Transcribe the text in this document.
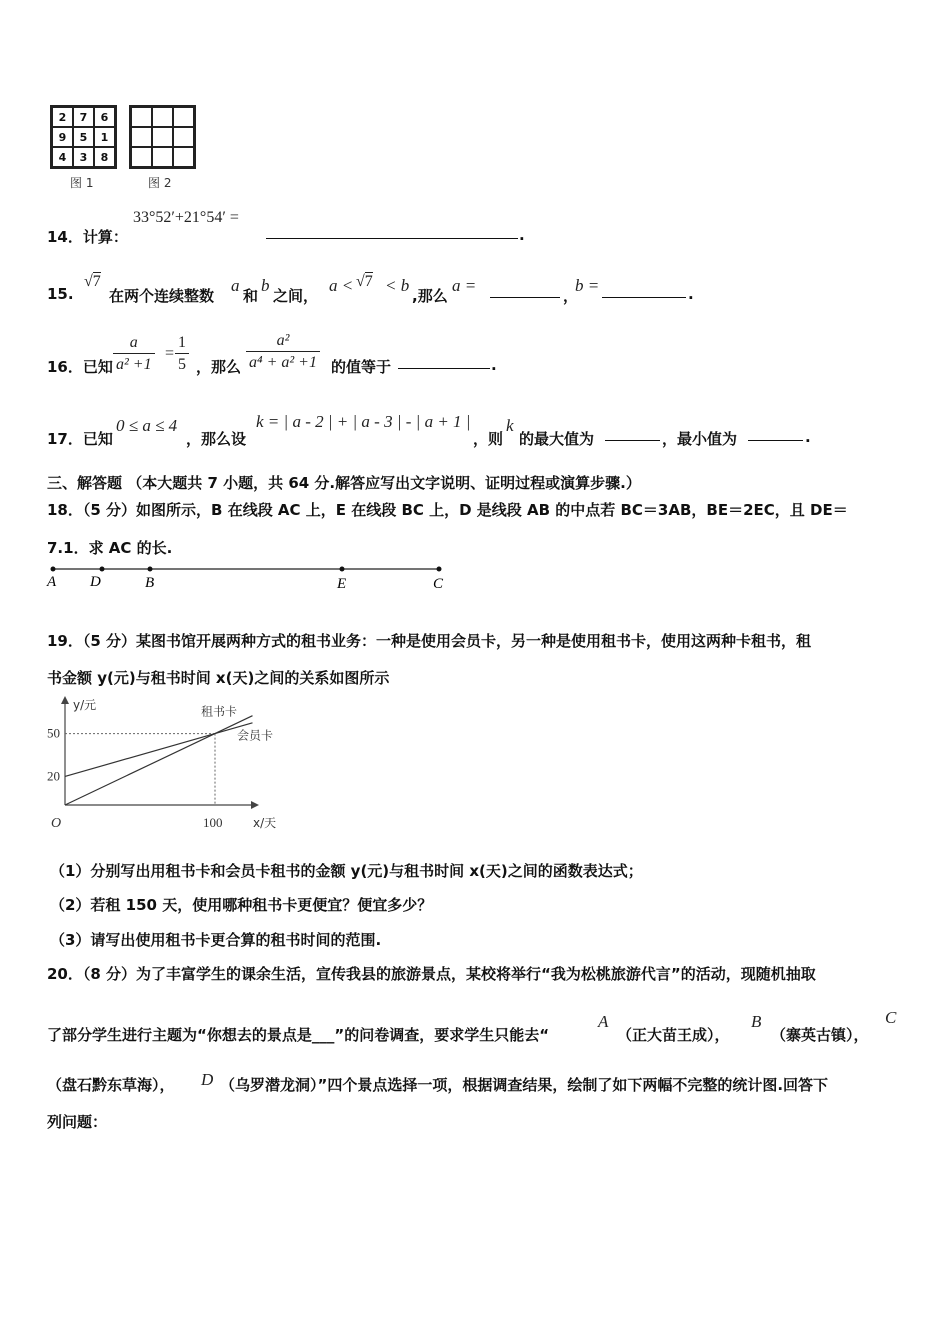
2	7	6
9	5	1
4	3	8
图 1	图 2
14．计算：
33°52′+21°54′ =
.
15.
√7
在两个连续整数
a
和
b
之间，
a < √7 < b
,那么
a =
，
b =	.
16．已知 $\frac{a}{\text{a² +1}} = \frac{1}{5}$ ，那么 $\frac{\text{a²}}{\text{a⁴ + a² +1}}$ 的值等于	.
17．已知
0 ≤ a ≤ 4
，那么设
k = | a - 2 | + | a - 3 | - | a + 1 |
，则
k
的最大值为	，最小值为	.
三、解答题 （本大题共 7 小题，共 64 分.解答应写出文字说明、证明过程或演算步骤.）
18．（5 分）如图所示，B 在线段 AC 上，E 在线段 BC 上，D 是线段 AB 的中点若 BC＝3AB，BE＝2EC，且 DE＝
7.1．求 AC 的长.
A D	B	E	C
19．（5 分）某图书馆开展两种方式的租书业务：一种是使用会员卡，另一种是使用租书卡，使用这两种卡租书，租
书金额 y(元)与租书时间 x(天)之间的关系如图所示
y/元
x/天
O	100
20
50
租书卡
会员卡
（1）分别写出用租书卡和会员卡租书的金额 y(元)与租书时间 x(天)之间的函数表达式；
（2）若租 150 天，使用哪种租书卡更便宜？便宜多少？
（3）请写出使用租书卡更合算的租书时间的范围.
20．（8 分）为了丰富学生的课余生活，宣传我县的旅游景点，某校将举行“我为松桃旅游代言”的活动，现随机抽取
了部分学生进行主题为“你想去的景点是___”的问卷调查，要求学生只能去“
A
（正大苗王成），
B
（寨英古镇），
C
（盘石黔东草海）， D （乌罗潜龙洞）”四个景点选择一项，根据调查结果，绘制了如下两幅不完整的统计图.回答下
列问题：
